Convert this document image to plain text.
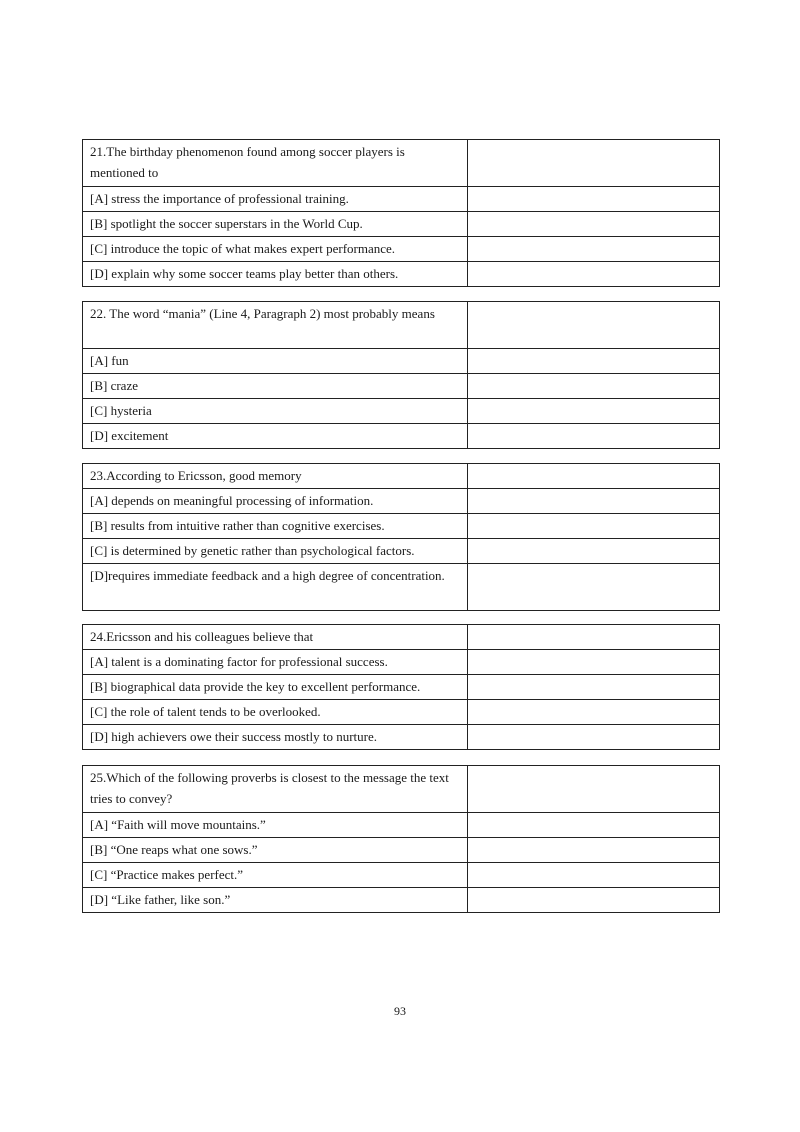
21.The birthday phenomenon found among soccer players is mentioned to	
[A] stress the importance of professional training.	
[B] spotlight the soccer superstars in the World Cup.	
[C] introduce the topic of what makes expert performance.	
[D] explain why some soccer teams play better than others.	
22. The word “mania” (Line 4, Paragraph 2) most probably means	
[A] fun	
[B] craze	
[C] hysteria	
[D] excitement	
23.According to Ericsson, good memory	
[A] depends on meaningful processing of information.	
[B] results from intuitive rather than cognitive exercises.	
[C] is determined by genetic rather than psychological factors.	
[D]requires immediate feedback and a high degree of concentration.	
24.Ericsson and his colleagues believe that	
[A] talent is a dominating factor for professional success.	
[B] biographical data provide the key to excellent performance.	
[C] the role of talent tends to be overlooked.	
[D] high achievers owe their success mostly to nurture.	
25.Which of the following proverbs is closest to the message the text tries to convey?	
[A] “Faith will move mountains.”	
[B] “One reaps what one sows.”	
[C] “Practice makes perfect.”	
[D] “Like father, like son.”	
93
